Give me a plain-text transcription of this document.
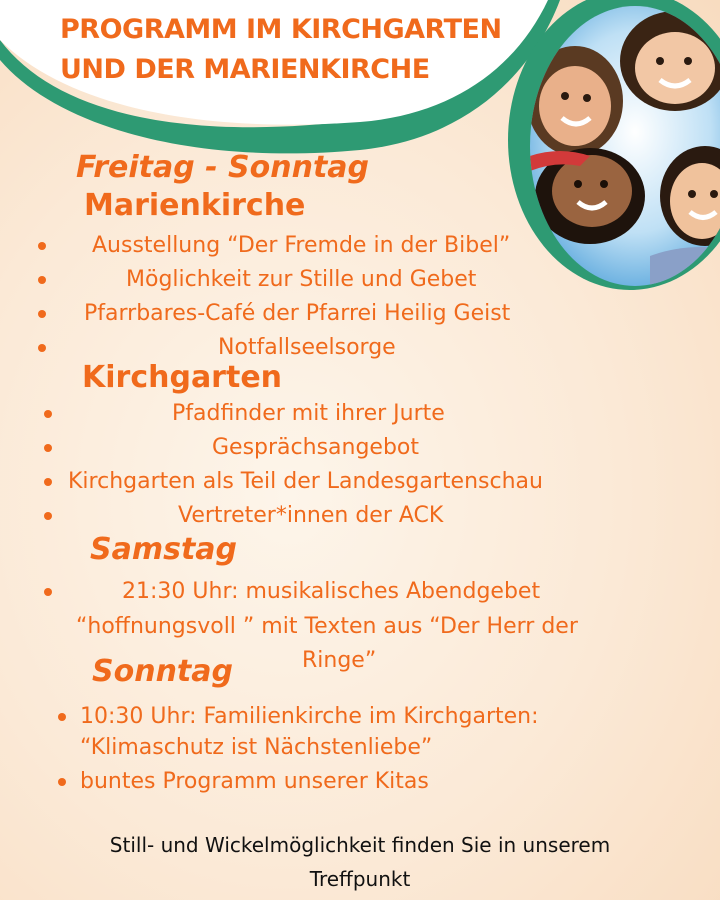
PROGRAMM IM KIRCHGARTEN
UND DER MARIENKIRCHE
Freitag - Sonntag
Marienkirche
Ausstellung “Der Fremde in der Bibel”
Möglichkeit zur Stille und Gebet
Pfarrbares-Café der Pfarrei Heilig Geist
Notfallseelsorge
Kirchgarten
Pfadfinder mit ihrer Jurte
Gesprächsangebot
Kirchgarten als Teil der Landesgartenschau
Vertreter*innen der ACK
Samstag
21:30 Uhr: musikalisches Abendgebet
“hoffnungsvoll ” mit Texten aus “Der Herr der
Ringe”
Sonntag
10:30 Uhr: Familienkirche im Kirchgarten:
“Klimaschutz ist Nächstenliebe”
buntes Programm unserer Kitas
Still- und Wickelmöglichkeit finden Sie in unserem
Treffpunkt
